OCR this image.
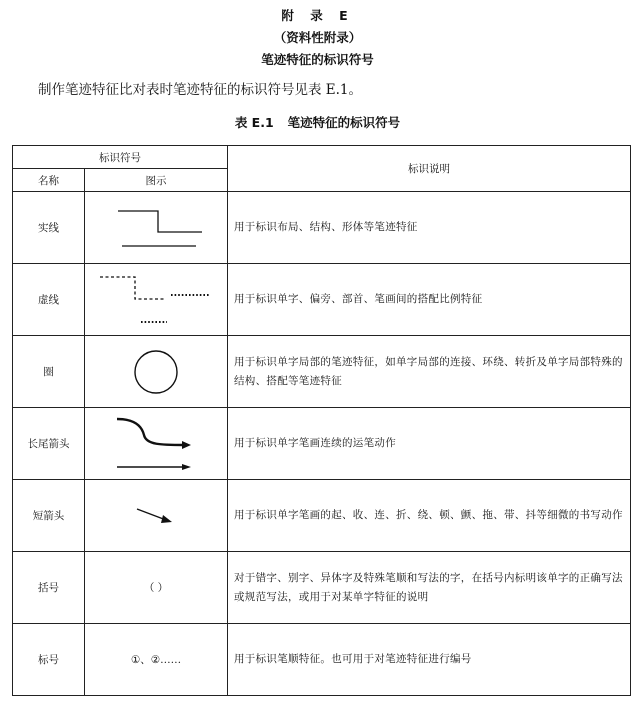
附 录 E
（资料性附录）
笔迹特征的标识符号
制作笔迹特征比对表时笔迹特征的标识符号见表 E.1。
表 E.1 笔迹特征的标识符号
标识符号		标识说明
名称	图示	
实线		用于标识布局、结构、形体等笔迹特征
虚线		用于标识单字、偏旁、部首、笔画间的搭配比例特征
圈		用于标识单字局部的笔迹特征，如单字局部的连接、环绕、转折及单字局部特殊的结构、搭配等笔迹特征
长尾箭头		用于标识单字笔画连续的运笔动作
短箭头		用于标识单字笔画的起、收、连、折、绕、顿、颤、拖、带、抖等细微的书写动作
括号	（ ）	对于错字、别字、异体字及特殊笔顺和写法的字，在括号内标明该单字的正确写法或规范写法，或用于对某单字特征的说明
标号	①、②……	用于标识笔顺特征。也可用于对笔迹特征进行编号
